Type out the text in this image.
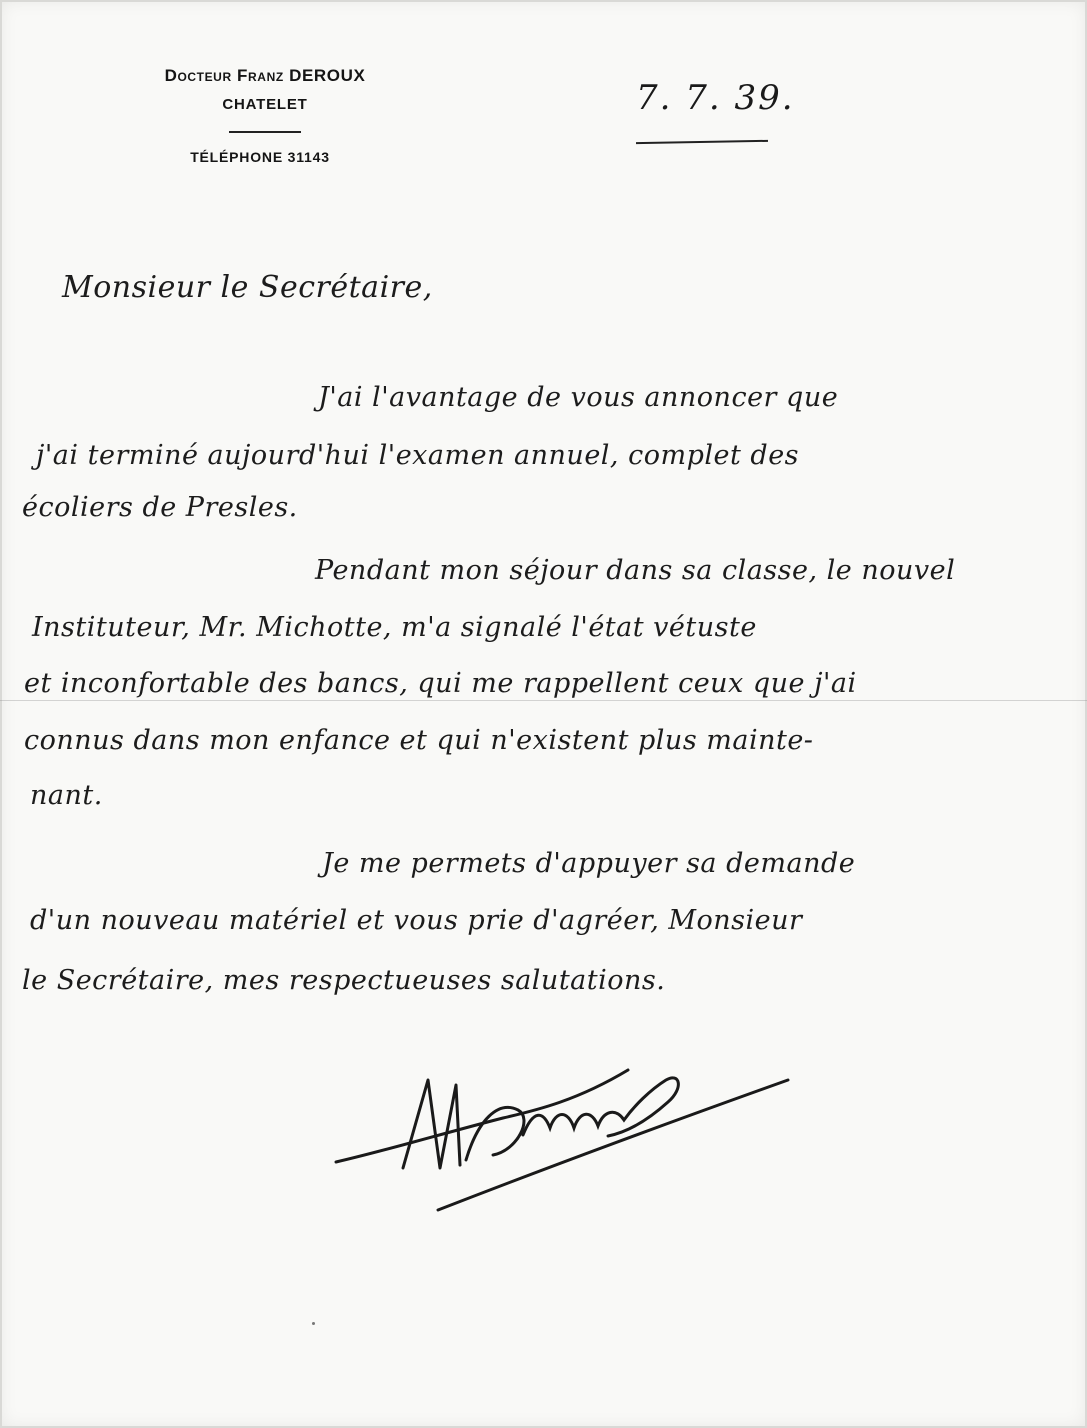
Docteur Franz DEROUX
CHATELET
TÉLÉPHONE 31143
7. 7. 39.
Monsieur le Secrétaire,
J'ai l'avantage de vous annoncer que
j'ai terminé aujourd'hui l'examen annuel, complet des
écoliers de Presles.
Pendant mon séjour dans sa classe, le nouvel
Instituteur, Mr. Michotte, m'a signalé l'état vétuste
et inconfortable des bancs, qui me rappellent ceux que j'ai
connus dans mon enfance et qui n'existent plus mainte-
nant.
Je me permets d'appuyer sa demande
d'un nouveau matériel et vous prie d'agréer, Monsieur
le Secrétaire, mes respectueuses salutations.
